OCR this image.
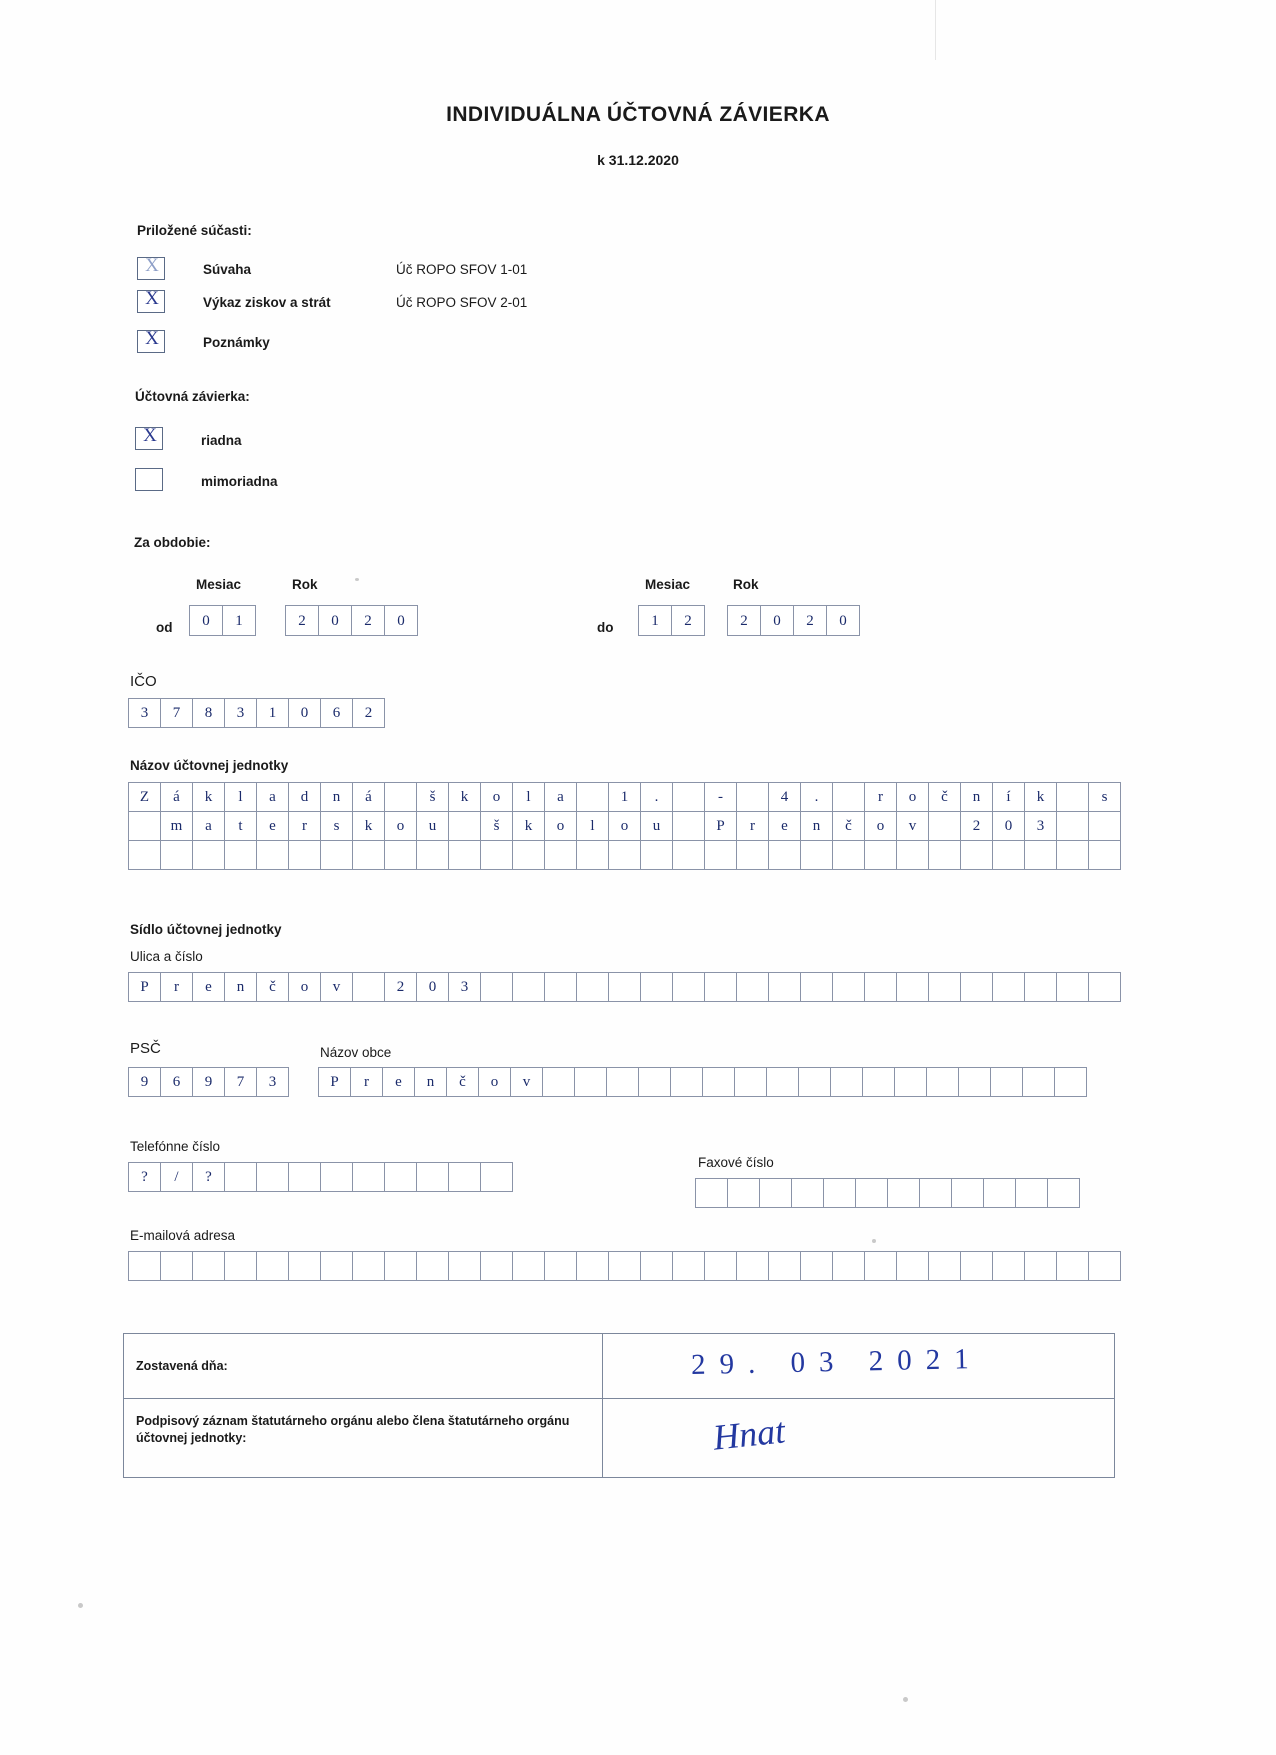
INDIVIDUÁLNA ÚČTOVNÁ ZÁVIERKA
k 31.12.2020
Priložené súčasti:
X	Súvaha	Úč ROPO SFOV 1-01
X	Výkaz ziskov a strát	Úč ROPO SFOV 2-01
X	Poznámky
Účtovná závierka:
X	riadna
mimoriadna
Za obdobie:
Mesiac	Rok
od	0	1	2	0	2	0
Mesiac	Rok
do	1	2	2	0	2	0
IČO
3	7	8	3	1	0	6	2
Názov účtovnej jednotky
Z	á	k	l	a	d	n	á	š	k	o	l	a	1	.	-	4	.	r	o	č	n	í	k	s
m	a	t	e	r	s	k	o	u	š	k	o	l	o	u	P	r	e	n	č	o	v	2	0	3
Sídlo účtovnej jednotky
Ulica a číslo
P	r	e	n	č	o	v	2	0	3
PSČ	Názov obce
9	6	9	7	3	P	r	e	n	č	o	v
Telefónne číslo
?	/	?
Faxové číslo
E-mailová adresa
Zostavená dňa:	29. 03 2021
Podpisový záznam štatutárneho orgánu alebo člena štatutárneho orgánu účtovnej jednotky:	Hnat
